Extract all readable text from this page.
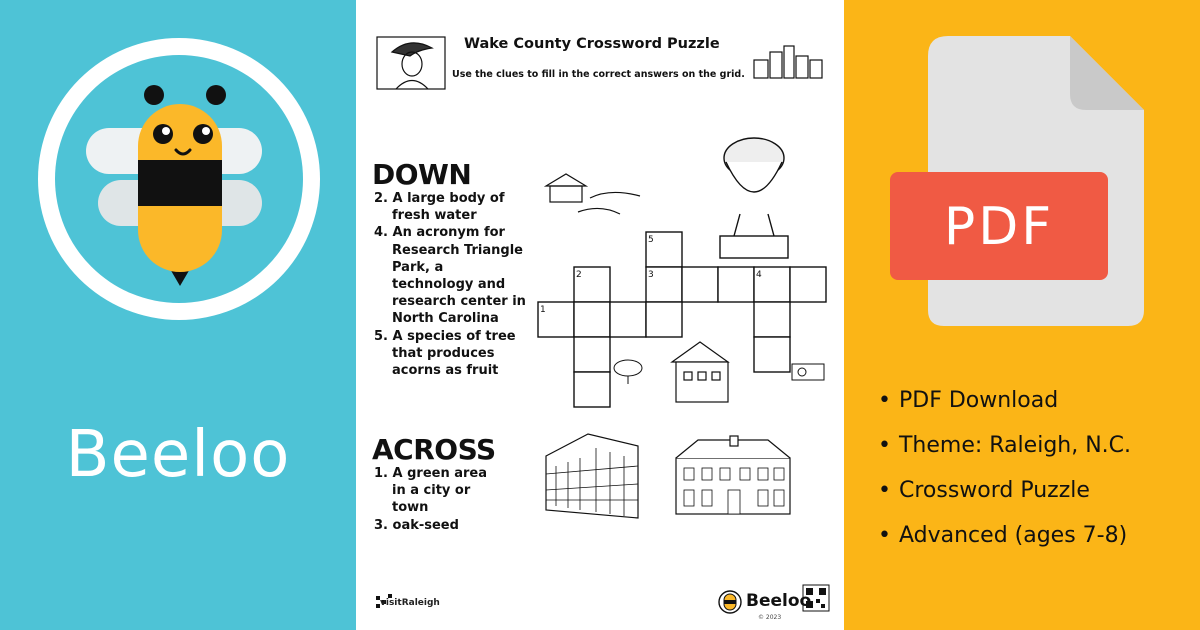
Beeloo
1
2	3	4
5
Wake County Crossword Puzzle
Use the clues to fill in the correct answers on the grid.
DOWN
2. A large body of fresh water
4. An acronym for Research Triangle Park, a technology and research center in North Carolina
5. A species of tree that produces acorns as fruit
ACROSS
1. A green area in a city or town
3. oak-seed
visitRaleigh	Beeloo
© 2023
PDF
• PDF Download
• Theme: Raleigh, N.C.
• Crossword Puzzle
• Advanced (ages 7-8)
